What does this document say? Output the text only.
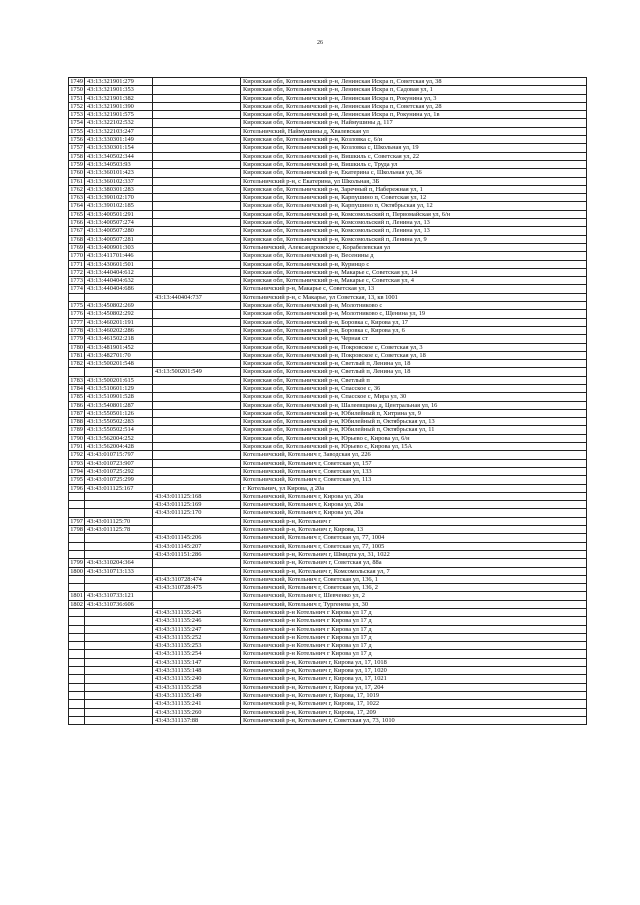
26
1749	43:13:321901:279		Кировская обл, Котельничский р-н, Ленинская Искра п, Советская ул, 38
1750	43:13:321901:353		Кировская обл, Котельничский р-н, Ленинская Искра п, Садовая ул, 1
1751	43:13:321901:382		Кировская обл, Котельничский р-н, Ленинская Искра п, Рокунина ул, 3
1752	43:13:321901:390		Кировская обл, Котельничский р-н, Ленинская Искра п, Советская ул, 28
1753	43:13:321901:575		Кировская обл, Котельничский р-н, Ленинская Искра п, Рокунина ул, 1в
1754	43:13:322102:532		Кировская обл, Котельничский р-н, Наймушины д, 117
1755	43:13:322103:247		Котельничский, Наймушины д, Хвалевская ул
1756	43:13:330301:149		Кировская обл, Котельничский р-н, Козловка с, 6/и
1757	43:13:330301:154		Кировская обл, Котельничский р-н, Козловка с, Школьная ул, 19
1758	43:13:340502:344		Кировская обл, Котельничский р-н, Вишкиль с, Советская ул, 22
1759	43:13:340503:93		Кировская обл, Котельничский р-н, Вишкиль с, Труда ул
1760	43:13:360101:423		Кировская обл, Котельничский р-н, Екатерина с, Школьная ул, 36
1761	43:13:360102:337		Котельничский р-н, с Екатерина, ул Школьная, 3Б
1762	43:13:380301:283		Кировская обл, Котельничский р-н, Заречный п, Набережная ул, 1
1763	43:13:390102:170		Кировская обл, Котельничский р-н, Карпушино п, Советская ул, 12
1764	43:13:390102:185		Кировская обл, Котельничский р-н, Карпушино п, Октябрьская ул, 12
1765	43:13:400501:291		Кировская обл, Котельничский р-н, Комсомольский п, Первомайская ул, 6/н
1766	43:13:400507:274		Кировская обл, Котельничский р-н, Комсомольский п, Ленина ул, 13
1767	43:13:400507:280		Кировская обл, Котельничский р-н, Комсомольский п, Ленина ул, 13
1768	43:13:400507:281		Кировская обл, Котельничский р-н, Комсомольский п, Ленина ул, 9
1769	43:13:400901:303		Котельничский, Александровское с, Корабелевская ул
1770	43:13:411701:446		Кировская обл, Котельничский р-н, Весенины д
1771	43:13:430601:501		Кировская обл, Котельничский р-н, Куринцо с
1772	43:13:440404:612		Кировская обл, Котельничский р-н, Макарье с, Советская ул, 14
1773	43:13:440404:632		Кировская обл, Котельничский р-н, Макарье с, Советская ул, 4
1774	43:13:440404:686		Котельничский р-н, Макарье с, Советская ул, 13
		43:13:440404:737	Котельничский р-н, с Макарье, ул Советская, 13, кв 1001
1775	43:13:450802:269		Кировская обл, Котельничский р-н, Молотниково с
1776	43:13:450802:292		Кировская обл, Котельничский р-н, Молотниково с, Щенина ул, 19
1777	43:13:460201:191		Кировская обл, Котельничский р-н, Боровка с, Кирова ул, 17
1778	43:13:460202:286		Кировская обл, Котельничский р-н, Боровка с, Кирова ул, 6
1779	43:13:461502:218		Кировская обл, Котельничский р-н, Черная ст
1780	43:13:481901:452		Кировская обл, Котельничский р-н, Покровское с, Советская ул, 3
1781	43:13:482701:70		Кировская обл, Котельничский р-н, Покровское с, Советская ул, 18
1782	43:13:500201:548		Кировская обл, Котельничский р-н, Светлый п, Ленина ул, 18
		43:13:500201:549	Кировская обл, Котельничский р-н, Светлый п, Ленина ул, 18
1783	43:13:500201:615		Кировская обл, Котельничский р-н, Светлый п
1784	43:13:510601:129		Кировская обл, Котельничский р-н, Спасское с, 36
1785	43:13:510901:528		Кировская обл, Котельничский р-н, Спасское с, Мира ул, 30
1786	43:13:540801:287		Кировская обл, Котельничский р-н, Шалеевщина д, Центральная ул, 16
1787	43:13:550501:126		Кировская обл, Котельничский р-н, Юбилейный п, Хитрина ул, 9
1788	43:13:550502:283		Кировская обл, Котельничский р-н, Юбилейный п, Октябрьская ул, 13
1789	43:13:550502:514		Кировская обл, Котельничский р-н, Юбилейный п, Октябрьская ул, 11
1790	43:13:562004:252		Кировская обл, Котельничский р-н, Юрьево с, Кирова ул, 6/н
1791	43:13:562004:428		Кировская обл, Котельничский р-н, Юрьево с, Кирова ул, 15А
1792	43:43:010715:797		Котельничский, Котельнич г, Заводская ул, 226
1793	43:43:010723:907		Котельничский, Котельнич г, Советская ул, 157
1794	43:43:010725:292		Котельничский, Котельнич г, Советская ул, 133
1795	43:43:010725:299		Котельничский, Котельнич г, Советская ул, 113
1796	43:43:011125:167		г Котельнич, ул Кирова, д 20а
		43:43:011125:168	Котельничский, Котельнич г, Кирова ул, 20а
		43:43:011125:169	Котельничский, Котельнич г, Кирова ул, 20а
		43:43:011125:170	Котельничский, Котельнич г, Кирова ул, 20а
1797	43:43:011125:70		Котельничский р-н, Котельнич г
1798	43:43:011125:78		Котельничский р-н, Котельнич г, Кирова, 13
		43:43:011145:206	Котельничский, Котельнич г, Советская ул, 77, 1004
		43:43:011145:207	Котельничский, Котельнич г, Советская ул, 77, 1005
		43:43:011151:286	Котельничский р-н, Котельнич г, Шмидта ул, 31, 1022
1799	43:43:310204:364		Котельничский р-н, Котельнич г, Советская ул, 88а
1800	43:43:310713:133		Котельничский р-н, Котельнич г, Комсомольская ул, 7
		43:43:310728:474	Котельничский, Котельнич г, Советская ул, 136, 1
		43:43:310728:475	Котельничский, Котельнич г, Советская ул, 136, 2
1801	43:43:310733:121		Котельничский, Котельнич г, Шевченко ул, 2
1802	43:43:310736:606		Котельничский, Котельнич г, Тургенева ул, 30
		43:43:311135:245	Котельничский р-н Котельнич г Кирова ул 17 д
		43:43:311135:246	Котельничский р-н Котельнич г Кирова ул 17 д
		43:43:311135:247	Котельничский р-н Котельнич г Кирова ул 17 д
		43:43:311135:252	Котельничский р-н Котельнич г Кирова ул 17 д
		43:43:311135:253	Котельничский р-н Котельнич г Кирова ул 17 д
		43:43:311135:254	Котельничский р-н Котельнич г Кирова ул 17 д
		43:43:311135:147	Котельничский р-н, Котельнич г, Кирова ул, 17, 1018
		43:43:311135:148	Котельничский р-н, Котельнич г, Кирова ул, 17, 1020
		43:43:311135:240	Котельничский р-н, Котельнич г, Кирова ул, 17, 1021
		43:43:311135:258	Котельничский р-н, Котельнич г, Кирова ул, 17, 204
		43:43:311135:149	Котельничский р-н, Котельнич г, Кирова, 17, 1019
		43:43:311135:241	Котельничский р-н, Котельнич г, Кирова, 17, 1022
		43:43:311135:260	Котельничский р-н, Котельнич г, Кирова, 17, 209
		43:43:311137:88	Котельничский р-н, Котельнич г, Советская ул, 73, 1010
